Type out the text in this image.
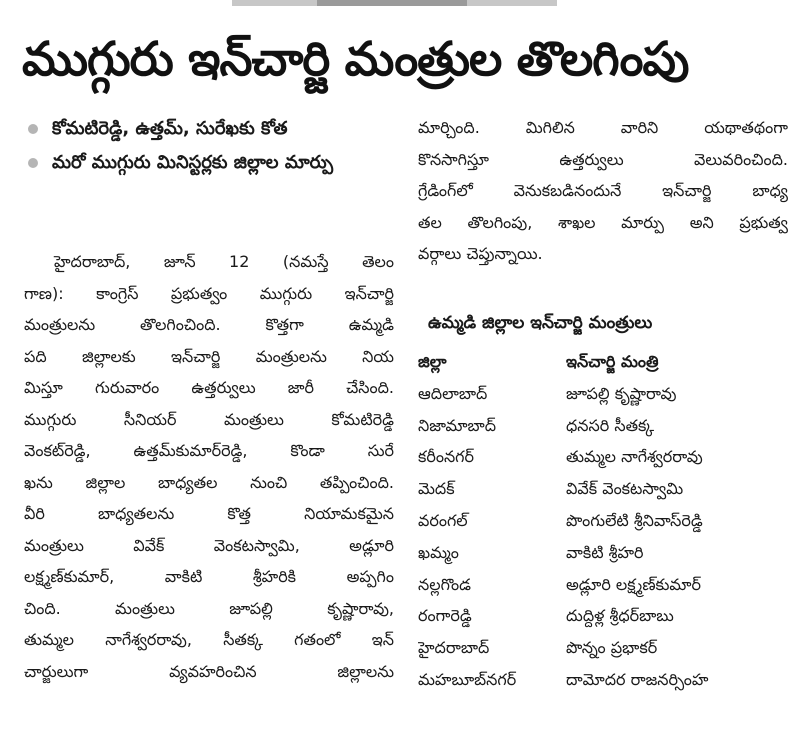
ముగ్గురు ఇన్‌చార్జి మంత్రుల తొలగింపు
కోమటిరెడ్డి, ఉత్తమ్, సురేఖకు కోత
మరో ముగ్గురు మినిస్టర్లకు జిల్లాల మార్పు

హైదరాబాద్, జూన్ 12 (నమస్తే తెలం

గాణ): కాంగ్రెస్ ప్రభుత్వం ముగ్గురు ఇన్‌చార్జి

మంత్రులను తొలగించింది. కొత్తగా ఉమ్మడి

పది జిల్లాలకు ఇన్‌చార్జి మంత్రులను నియ

మిస్తూ గురువారం ఉత్తర్వులు జారీ చేసింది.

ముగ్గురు సీనియర్ మంత్రులు కోమటిరెడ్డి

వెంకట్‌రెడ్డి, ఉత్తమ్‌కుమార్‌రెడ్డి, కొండా సురే

ఖను జిల్లాల బాధ్యతల నుంచి తప్పించింది.

వీరి బాధ్యతలను కొత్త నియామకమైన

మంత్రులు వివేక్ వెంకటస్వామి, అడ్లూరి

లక్ష్మణ్‌కుమార్, వాకిటి శ్రీహరికి అప్పగిం

చింది. మంత్రులు జూపల్లి కృష్ణారావు,

తుమ్మల నాగేశ్వరరావు, సీతక్క గతంలో ఇన్

చార్జులుగా వ్యవహరించిన జిల్లాలను

మార్చింది. మిగిలిన వారిని యథాతథంగా

కొనసాగిస్తూ ఉత్తర్వులు వెలువరించింది.

గ్రేడింగ్‌లో వెనుకబడినందునే ఇన్‌చార్జి బాధ్య

తల తొలగింపు, శాఖల మార్పు అని ప్రభుత్వ

వర్గాలు చెప్తున్నాయి.

ఉమ్మడి జిల్లాల ఇన్‌చార్జి మంత్రులు
జిల్లా	ఇన్‌చార్జి మంత్రి
ఆదిలాబాద్	జూపల్లి కృష్ణారావు
నిజామాబాద్	ధనసరి సీతక్క
కరీంనగర్	తుమ్మల నాగేశ్వరరావు
మెదక్	వివేక్ వెంకటస్వామి
వరంగల్	పొంగులేటి శ్రీనివాస్‌రెడ్డి
ఖమ్మం	వాకిటి శ్రీహరి
నల్లగొండ	అడ్లూరి లక్ష్మణ్‌కుమార్
రంగారెడ్డి	దుద్దిళ్ల శ్రీధర్‌బాబు
హైదరాబాద్	పొన్నం ప్రభాకర్
మహబూబ్‌నగర్	దామోదర రాజనర్సింహ
